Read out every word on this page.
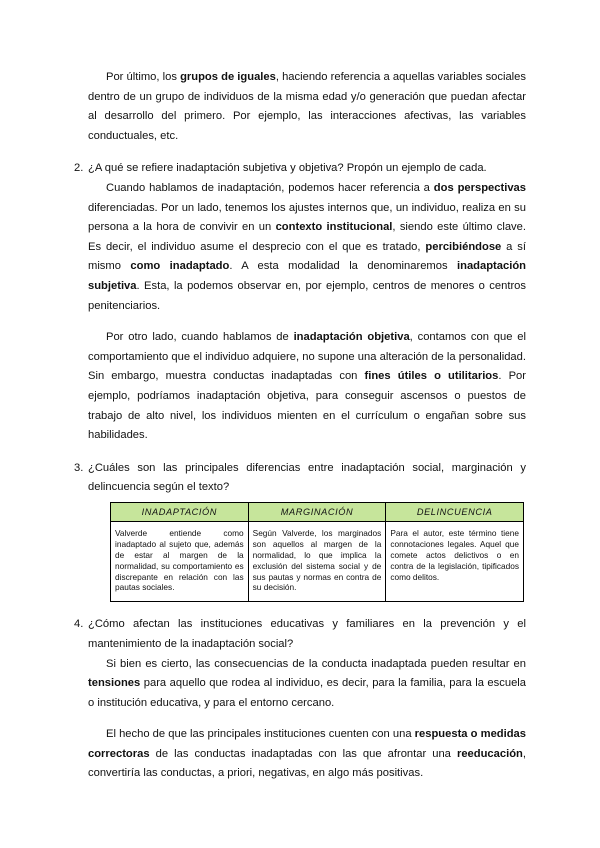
Por último, los grupos de iguales, haciendo referencia a aquellas variables sociales dentro de un grupo de individuos de la misma edad y/o generación que puedan afectar al desarrollo del primero. Por ejemplo, las interacciones afectivas, las variables conductuales, etc.

2. ¿A qué se refiere inadaptación subjetiva y objetiva? Propón un ejemplo de cada.

Cuando hablamos de inadaptación, podemos hacer referencia a dos perspectivas diferenciadas. Por un lado, tenemos los ajustes internos que, un individuo, realiza en su persona a la hora de convivir en un contexto institucional, siendo este último clave. Es decir, el individuo asume el desprecio con el que es tratado, percibiéndose a sí mismo como inadaptado. A esta modalidad la denominaremos inadaptación subjetiva. Esta, la podemos observar en, por ejemplo, centros de menores o centros penitenciarios.

Por otro lado, cuando hablamos de inadaptación objetiva, contamos con que el comportamiento que el individuo adquiere, no supone una alteración de la personalidad. Sin embargo, muestra conductas inadaptadas con fines útiles o utilitarios. Por ejemplo, podríamos inadaptación objetiva, para conseguir ascensos o puestos de trabajo de alto nivel, los individuos mienten en el currículum o engañan sobre sus habilidades.

3. ¿Cuáles son las principales diferencias entre inadaptación social, marginación y delincuencia según el texto?
INADAPTACIÓN	MARGINACIÓN	DELINCUENCIA
Valverde entiende como inadaptado al sujeto que, además de estar al margen de la normalidad, su comportamiento es discrepante en relación con las pautas sociales.	Según Valverde, los marginados son aquellos al margen de la normalidad, lo que implica la exclusión del sistema social y de sus pautas y normas en contra de su decisión.	Para el autor, este término tiene connotaciones legales. Aquel que comete actos delictivos o en contra de la legislación, tipificados como delitos.
4. ¿Cómo afectan las instituciones educativas y familiares en la prevención y el mantenimiento de la inadaptación social?

Si bien es cierto, las consecuencias de la conducta inadaptada pueden resultar en tensiones para aquello que rodea al individuo, es decir, para la familia, para la escuela o institución educativa, y para el entorno cercano.

El hecho de que las principales instituciones cuenten con una respuesta o medidas correctoras de las conductas inadaptadas con las que afrontar una reeducación, convertiría las conductas, a priori, negativas, en algo más positivas.
